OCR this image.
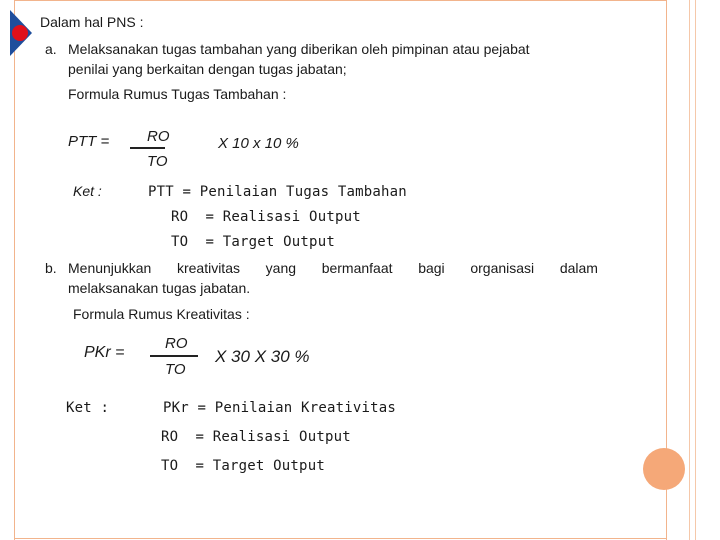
Dalam hal PNS :
a. Melaksanakan tugas tambahan yang diberikan oleh pimpinan atau pejabat
penilai yang berkaitan dengan tugas jabatan;
Formula Rumus Tugas Tambahan :
PTT =	RO
TO
X 10 x 10 %
Ket :	PTT = Penilaian Tugas Tambahan
RO  = Realisasi Output
TO  = Target Output
b. Menunjukkan kreativitas yang bermanfaat bagi organisasi dalam
melaksanakan tugas jabatan.
Formula Rumus Kreativitas :
PKr =
RO
TO
X 30 X 30 %
Ket :	PKr = Penilaian Kreativitas
RO  = Realisasi Output
TO  = Target Output
